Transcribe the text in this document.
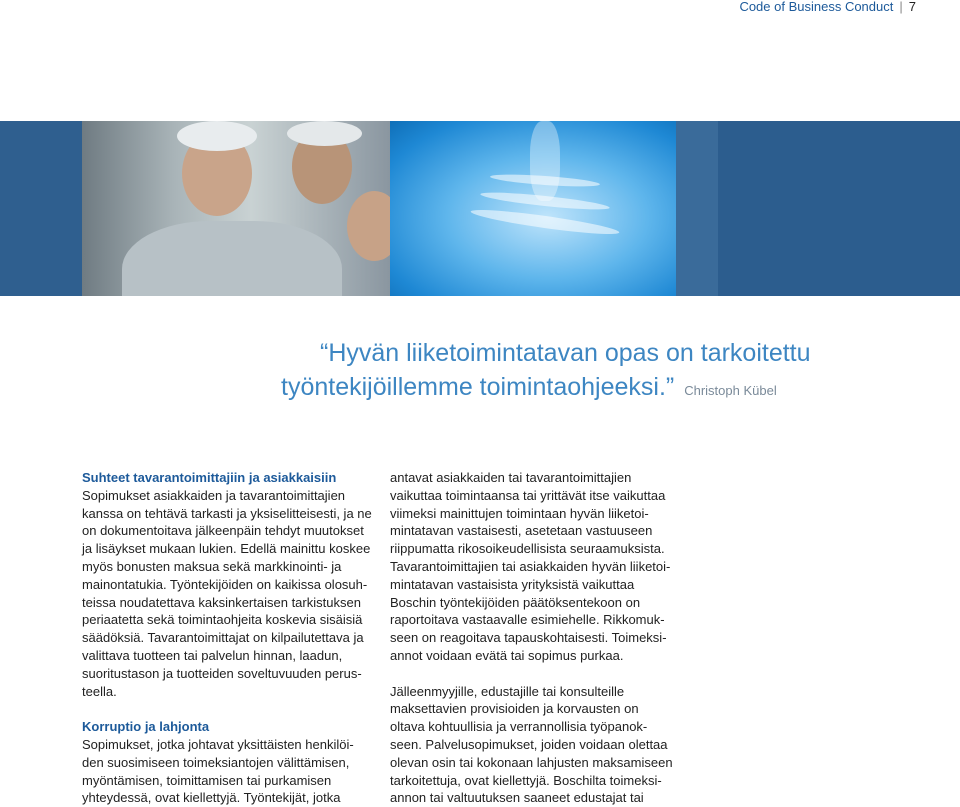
Code of Business Conduct | 7
“Hyvän liiketoimintatavan opas on tarkoitettu
työntekijöillemme toimintaohjeeksi.” Christoph Kübel
Suhteet tavarantoimittajiin ja asiakkaisiin

Sopimukset asiakkaiden ja tavarantoimittajien
kanssa on tehtävä tarkasti ja yksiselitteisesti, ja ne
on dokumentoitava jälkeenpäin tehdyt muutokset
ja lisäykset mukaan lukien. Edellä mainittu koskee
myös bonusten maksua sekä markkinointi- ja
mainontatukia. Työntekijöiden on kaikissa olosuh-
teissa noudatettava kaksinkertaisen tarkistuksen
periaatetta sekä toimintaohjeita koskevia sisäisiä
säädöksiä. Tavarantoimittajat on kilpailutettava ja
valittava tuotteen tai palvelun hinnan, laadun,
suoritustason ja tuotteiden soveltuvuuden perus-
teella.

Korruptio ja lahjonta

Sopimukset, jotka johtavat yksittäisten henkilöi-
den suosimiseen toimeksiantojen välittämisen,
myöntämisen, toimittamisen tai purkamisen
yhteydessä, ovat kiellettyjä. Työntekijät, jotka

antavat asiakkaiden tai tavarantoimittajien
vaikuttaa toimintaansa tai yrittävät itse vaikuttaa
viimeksi mainittujen toimintaan hyvän liiketoi-
mintatavan vastaisesti, asetetaan vastuuseen
riippumatta rikosoikeudellisista seuraamuksista.
Tavarantoimittajien tai asiakkaiden hyvän liiketoi-
mintatavan vastaisista yrityksistä vaikuttaa
Boschin työntekijöiden päätöksentekoon on
raportoitava vastaavalle esimiehelle. Rikkomuk-
seen on reagoitava tapauskohtaisesti. Toimeksi-
annot voidaan evätä tai sopimus purkaa.

Jälleenmyyjille, edustajille tai konsulteille
maksettavien provisioiden ja korvausten on
oltava kohtuullisia ja verrannollisia työpanok-
seen. Palvelusopimukset, joiden voidaan olettaa
olevan osin tai kokonaan lahjusten maksamiseen
tarkoitettuja, ovat kiellettyjä. Boschilta toimeksi-
annon tai valtuutuksen saaneet edustajat tai
